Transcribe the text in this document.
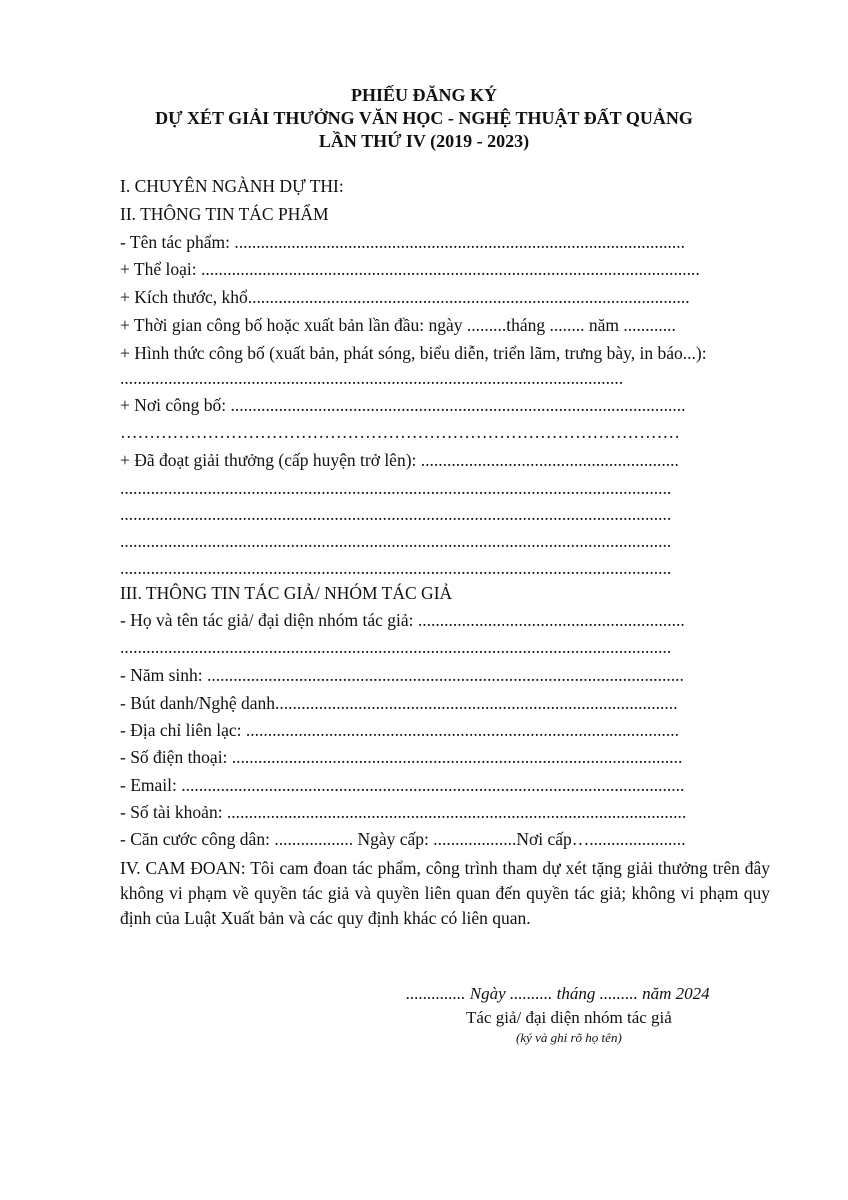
PHIẾU ĐĂNG KÝ
DỰ XÉT GIẢI THƯỞNG VĂN HỌC - NGHỆ THUẬT ĐẤT QUẢNG
LẦN THỨ IV (2019 - 2023)
I. CHUYÊN NGÀNH DỰ THI:
II. THÔNG TIN TÁC PHẨM
- Tên tác phẩm: .......................................................................................................
+ Thể loại: ..................................................................................................................
+ Kích thước, khổ.....................................................................................................
+ Thời gian công bố hoặc xuất bản lần đầu: ngày .........tháng ........ năm ............
+ Hình thức công bố (xuất bản, phát sóng, biểu diễn, triển lãm, trưng bày, in báo...):
...................................................................................................................
+ Nơi công bố: ........................................................................................................
……………………………………………………………………………………
+ Đã đoạt giải thưởng (cấp huyện trở lên): ...........................................................
..............................................................................................................................
..............................................................................................................................
..............................................................................................................................
..............................................................................................................................
III. THÔNG TIN TÁC GIẢ/ NHÓM TÁC GIẢ
- Họ và tên tác giả/ đại diện nhóm tác giả: .............................................................
..............................................................................................................................
- Năm sinh: .............................................................................................................
- Bút danh/Nghệ danh............................................................................................
- Địa chỉ liên lạc: ...................................................................................................
- Số điện thoại: .......................................................................................................
- Email: ...................................................................................................................
- Số tài khoản: .........................................................................................................
- Căn cước công dân: .................. Ngày cấp: ...................Nơi cấp…......................
IV. CAM ĐOAN: Tôi cam đoan tác phẩm, công trình tham dự xét tặng giải thưởng trên đây không vi phạm về quyền tác giả và quyền liên quan đến quyền tác giả; không vi phạm quy định của Luật Xuất bản và các quy định khác có liên quan.
.............. Ngày .......... tháng ......... năm 2024
Tác giả/ đại diện nhóm tác giả
(ký và ghi rõ họ tên)
